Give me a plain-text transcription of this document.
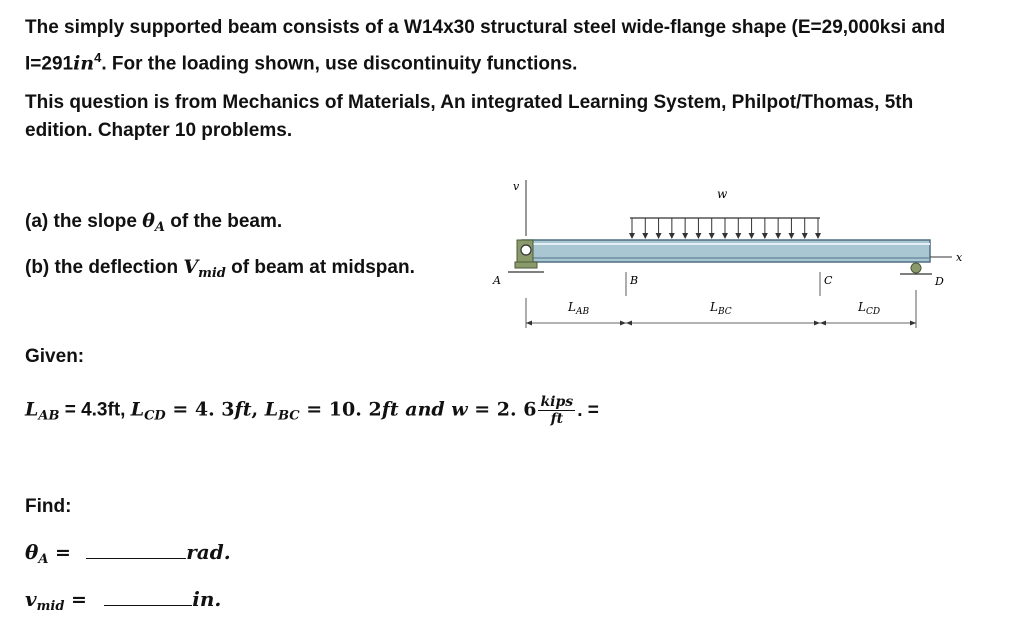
The simply supported beam consists of a W14x30 structural steel wide-flange shape (E=29,000ksi and
$I=291in^4$. For the loading shown, use discontinuity functions.
This question is from Mechanics of Materials, An integrated Learning System, Philpot/Thomas, 5th
edition. Chapter 10 problems.
(a) the slope $\theta_A$ of the beam.
(b) the deflection $V_{mid}$ of beam at midspan.
Given:
$L_{AB} = 4.3ft$, $L_{CD} = 4$. 3ft, $L_{BC} = 10$. 2ft and w = 2. $6 \frac{\text{kips}}{ft}$ . =
Find:
$\theta_A$ =	rad.
$v_{mid}$ =	in.
v
w
x
A	D
B	C
$L_{AB}$	$L_{BC}$	$L_{CD}$
